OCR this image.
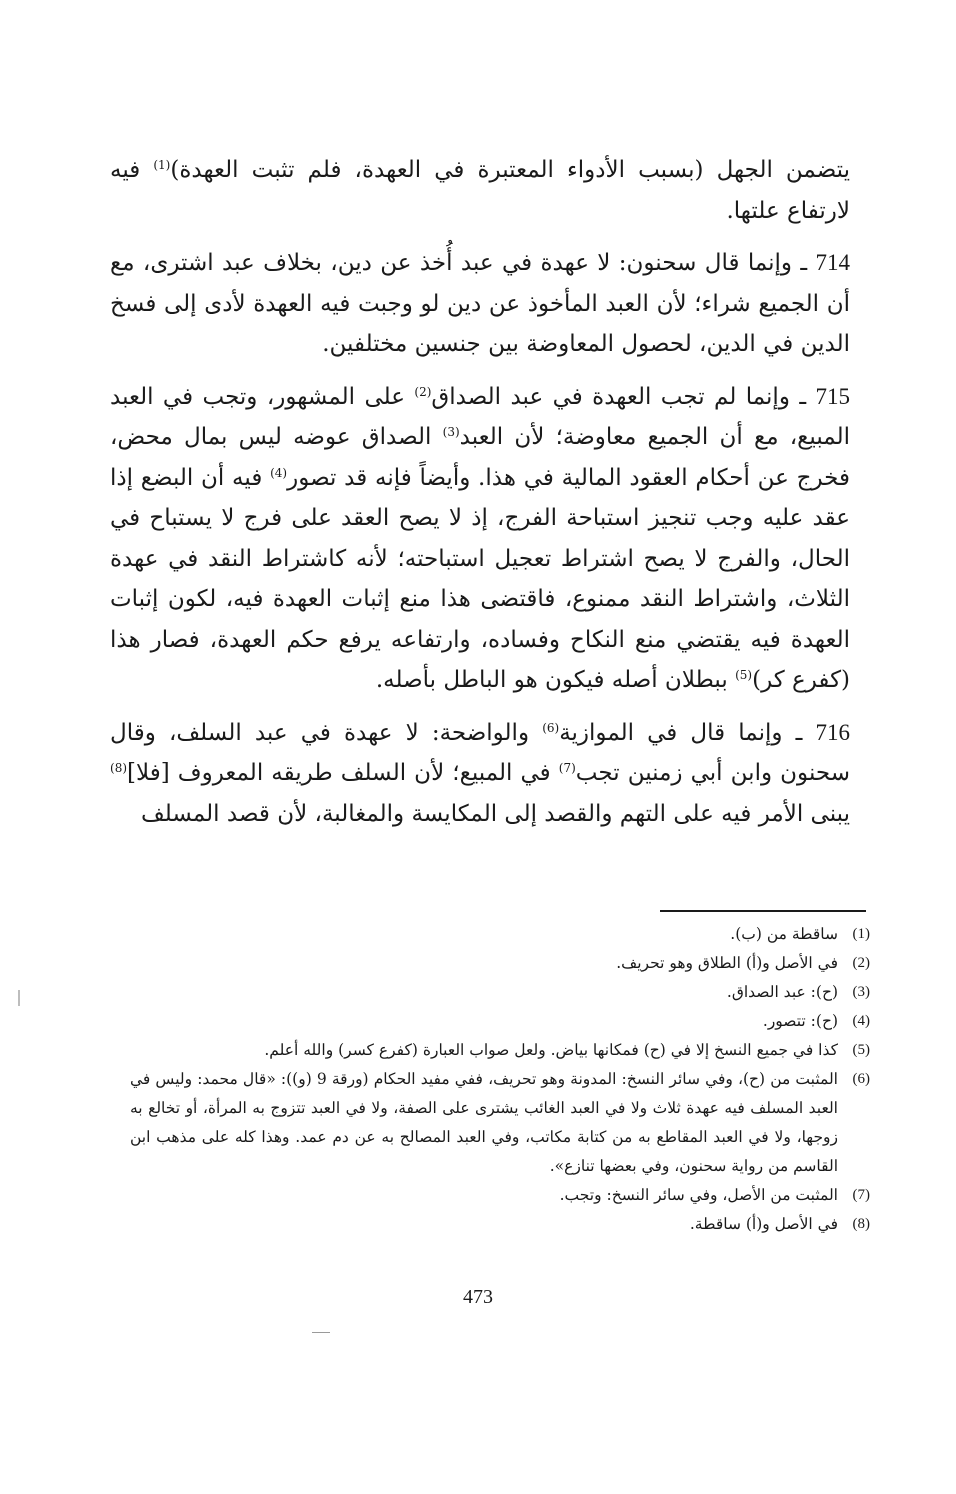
يتضمن الجهل (بسبب الأدواء المعتبرة في العهدة، فلم تثبت العهدة)$^{(1)}$ فيه لارتفاع علتها.

714 ـ وإنما قال سحنون: لا عهدة في عبد أُخذ عن دين، بخلاف عبد اشترى، مع أن الجميع شراء؛ لأن العبد المأخوذ عن دين لو وجبت فيه العهدة لأدى إلى فسخ الدين في الدين، لحصول المعاوضة بين جنسين مختلفين.

715 ـ وإنما لم تجب العهدة في عبد الصداق$^{(2)}$ على المشهور، وتجب في العبد المبيع، مع أن الجميع معاوضة؛ لأن العبد$^{(3)}$ الصداق عوضه ليس بمال محض، فخرج عن أحكام العقود المالية في هذا. وأيضاً فإنه قد تصور$^{(4)}$ فيه أن البضع إذا عقد عليه وجب تنجيز استباحة الفرج، إذ لا يصح العقد على فرج لا يستباح في الحال، والفرج لا يصح اشتراط تعجيل استباحته؛ لأنه كاشتراط النقد في عهدة الثلاث، واشتراط النقد ممنوع، فاقتضى هذا منع إثبات العهدة فيه، لكون إثبات العهدة فيه يقتضي منع النكاح وفساده، وارتفاعه يرفع حكم العهدة، فصار هذا (كفرع كر)$^{(5)}$ ببطلان أصله فيكون هو الباطل بأصله.

716 ـ وإنما قال في الموازية$^{(6)}$ والواضحة: لا عهدة في عبد السلف، وقال سحنون وابن أبي زمنين تجب$^{(7)}$ في المبيع؛ لأن السلف طريقه المعروف [فلا]$^{(8)}$ يبنى الأمر فيه على التهم والقصد إلى المكايسة والمغالبة، لأن قصد المسلف

(1)
ساقطة من (ب).
(2)
في الأصل و(أ) الطلاق وهو تحريف.
(3)
(ح): عبد الصداق.
(4)
(ح): تتصور.
(5)
كذا في جميع النسخ إلا في (ح) فمكانها بياض. ولعل صواب العبارة (كفرع كسر) والله أعلم.
(6)
المثبت من (ح)، وفي سائر النسخ: المدونة وهو تحريف، ففي مفيد الحكام (ورقة 9 (و)): «قال محمد: وليس في العبد المسلف فيه عهدة ثلاث ولا في العبد الغائب يشترى على الصفة، ولا في العبد تتزوج به المرأة، أو تخالع به زوجها، ولا في العبد المقاطع به من كتابة مكاتب، وفي العبد المصالح به عن دم عمد. وهذا كله على مذهب ابن القاسم من رواية سحنون، وفي بعضها تنازع».
(7)
المثبت من الأصل، وفي سائر النسخ: وتجب.
(8)
في الأصل و(أ) ساقطة.
473
